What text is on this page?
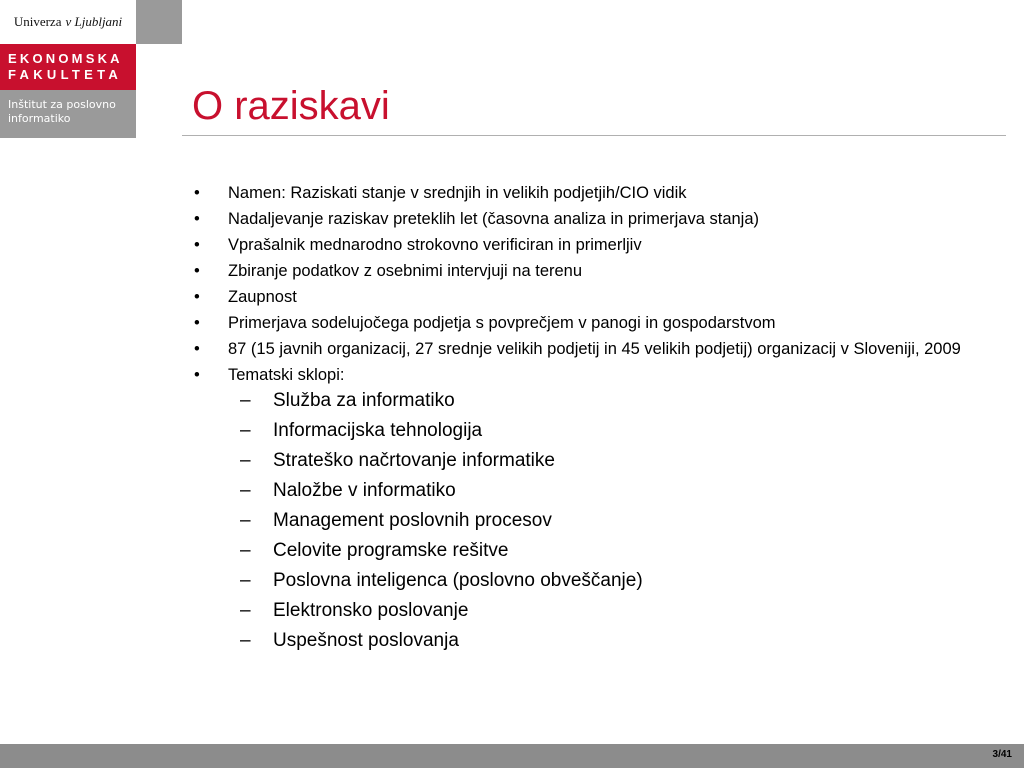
Univerza v Ljubljani
EKONOMSKA
FAKULTETA
Inštitut za poslovno
informatiko	O raziskavi
• Namen: Raziskati stanje v srednjih in velikih podjetjih/CIO vidik
• Nadaljevanje raziskav preteklih let (časovna analiza in primerjava stanja)
• Vprašalnik mednarodno strokovno verificiran in primerljiv
• Zbiranje podatkov z osebnimi intervjuji na terenu
• Zaupnost
• Primerjava sodelujočega podjetja s povprečjem v panogi in gospodarstvom
• 87 (15 javnih organizacij, 27 srednje velikih podjetij in 45 velikih podjetij) organizacij v Sloveniji, 2009
• Tematski sklopi:
– Služba za informatiko
– Informacijska tehnologija
– Strateško načrtovanje informatike
– Naložbe v informatiko
– Management poslovnih procesov
– Celovite programske rešitve
– Poslovna inteligenca (poslovno obveščanje)
– Elektronsko poslovanje
– Uspešnost poslovanja
3/41
